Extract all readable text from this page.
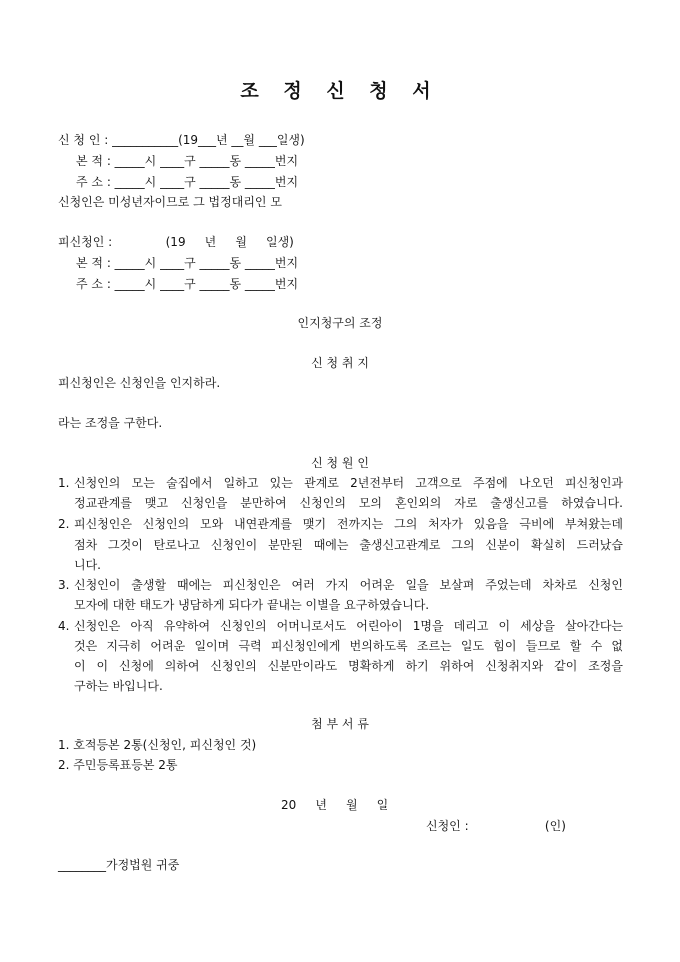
조 정 신 청 서
신 청 인 : ___________(19___년 __월 ___일생)
본 적 : _____시 ____구 _____동 _____번지
주 소 : _____시 ____구 _____동 _____번지
신청인은 미성년자이므로 그 법정대리인 모
피신청인 :              (19     년     월     일생)
본 적 : _____시 ____구 _____동 _____번지
주 소 : _____시 ____구 _____동 _____번지
인지청구의 조정
신 청 취 지
피신청인은 신청인을 인지하라.
라는 조정을 구한다.
신 청 원 인
1. 신청인의 모는 술집에서 일하고 있는 관계로 2년전부터 고객으로 주점에 나오던 피신청인과
정교관계를 맺고 신청인을 분만하여 신청인의 모의 혼인외의 자로 출생신고를 하였습니다.
2. 피신청인은 신청인의 모와 내연관계를 맺기 전까지는 그의 처자가 있음을 극비에 부쳐왔는데
점차 그것이 탄로나고 신청인이 분만된 때에는 출생신고관계로 그의 신분이 확실히 드러났습
니다.
3. 신청인이 출생할 때에는 피신청인은 여러 가지 어려운 일을 보살펴 주었는데 차차로 신청인
모자에 대한 태도가 냉담하게 되다가 끝내는 이별을 요구하였습니다.
4. 신청인은 아직 유약하여 신청인의 어머니로서도 어린아이 1명을 데리고 이 세상을 살아간다는
것은 지극히 어려운 일이며 극력 피신청인에게 번의하도록 조르는 일도 힘이 들므로 할 수 없
이 이 신청에 의하여 신청인의 신분만이라도 명확하게 하기 위하여 신청취지와 같이 조정을
구하는 바입니다.
첨 부 서 류
1. 호적등본 2통(신청인, 피신청인 것)
2. 주민등록표등본 2통
20     년     월     일
신청인 :                    (인)
________가정법원 귀중
